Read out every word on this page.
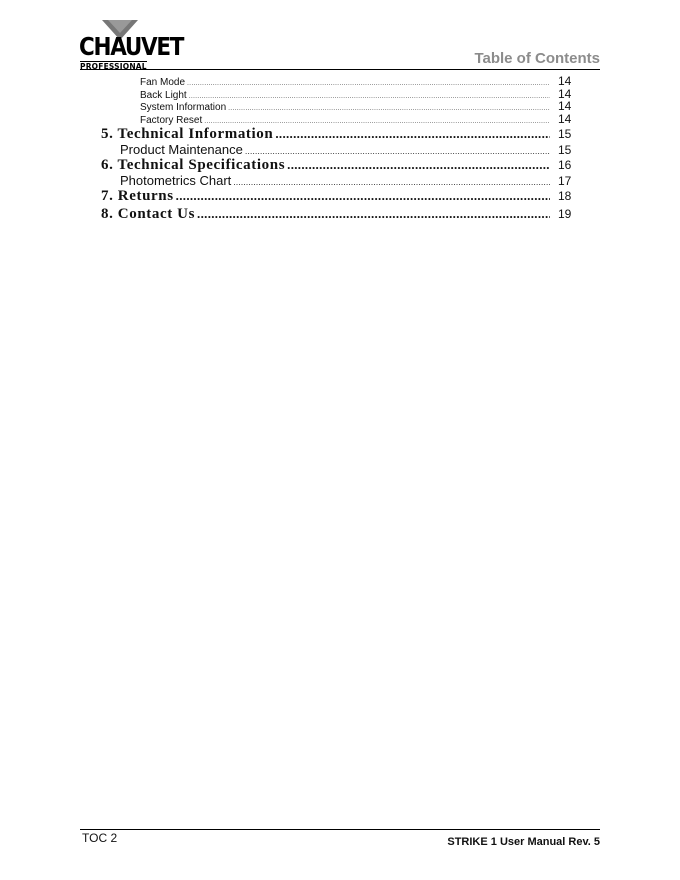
CHAUVET
PROFESSIONAL	Table of Contents
Fan Mode .....	14
Back Light .....	14
System Information .....	14
Factory Reset .....	14
5. Technical Information .....	15
Product Maintenance .....	15
6. Technical Specifications .....	16
Photometrics Chart .....	17
7. Returns .....	18
8. Contact Us .....	19
TOC 2	STRIKE 1 User Manual Rev. 5
